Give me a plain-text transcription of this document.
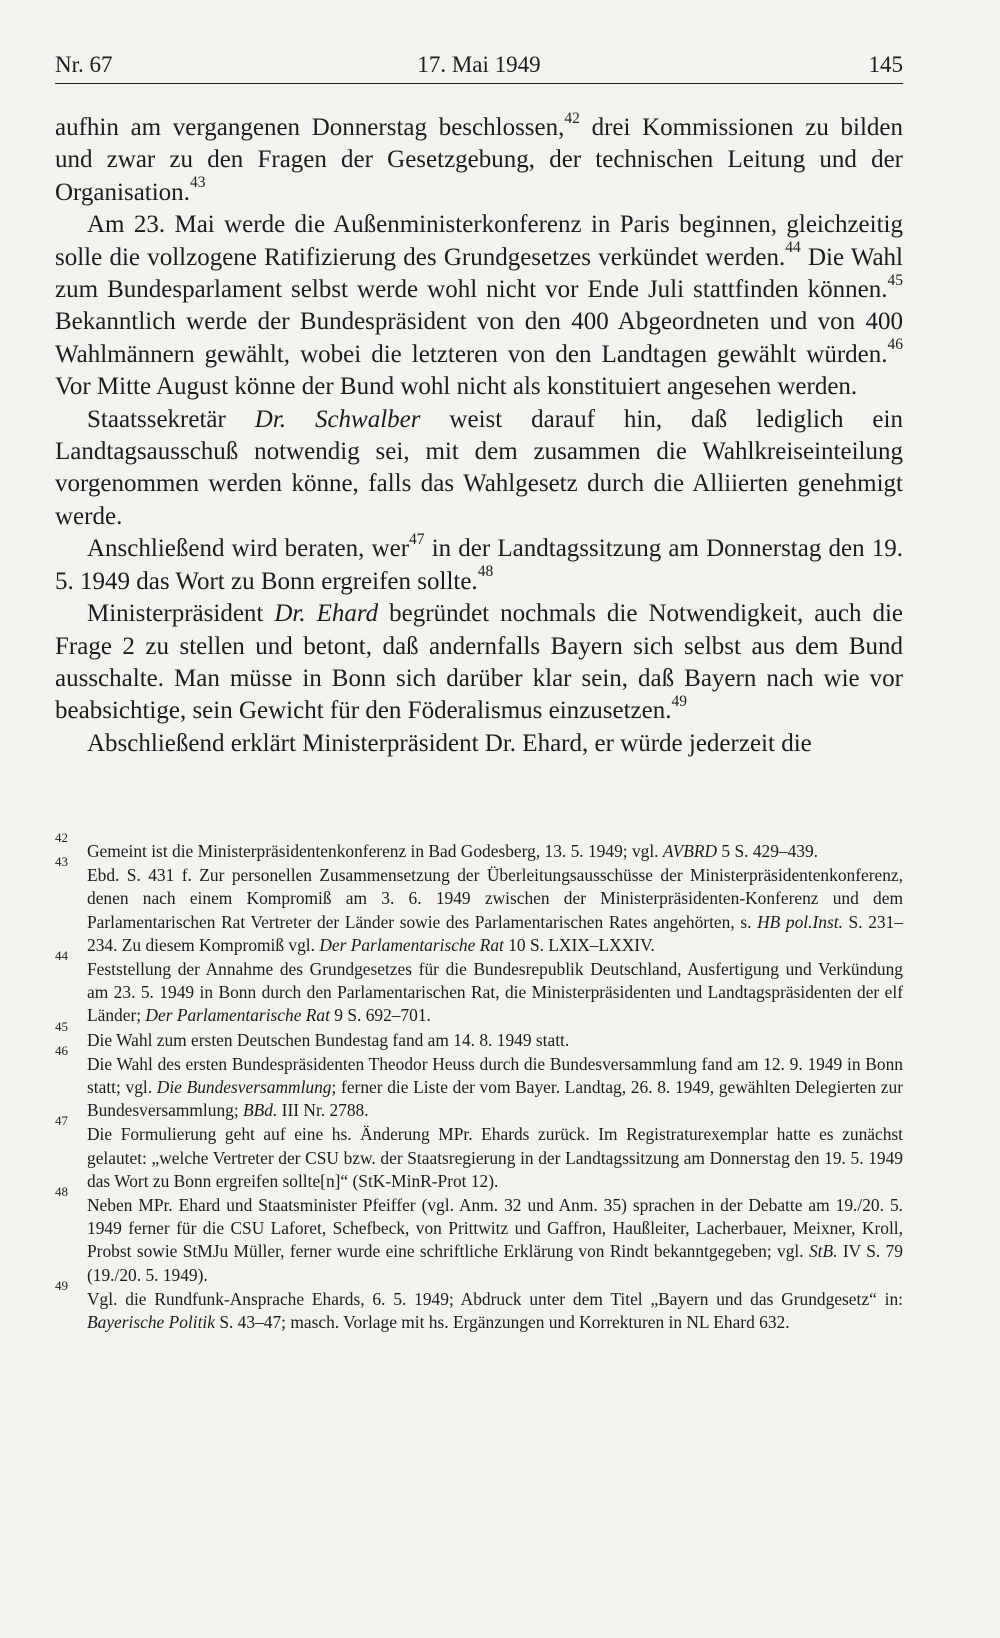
Nr. 67	17. Mai 1949	145

aufhin am vergangenen Donnerstag beschlossen,$^{42}$ drei Kommissionen zu bilden und zwar zu den Fragen der Gesetzgebung, der technischen Leitung und der Organisation.$^{43}$

Am 23. Mai werde die Außenministerkonferenz in Paris beginnen, gleichzeitig solle die vollzogene Ratifizierung des Grundgesetzes verkündet werden.$^{44}$ Die Wahl zum Bundesparlament selbst werde wohl nicht vor Ende Juli stattfinden können.$^{45}$ Bekanntlich werde der Bundespräsident von den 400 Abgeordneten und von 400 Wahlmännern gewählt, wobei die letzteren von den Landtagen gewählt würden.$^{46}$ Vor Mitte August könne der Bund wohl nicht als konstituiert angesehen werden.

Staatssekretär Dr. Schwalber weist darauf hin, daß lediglich ein Landtagsausschuß notwendig sei, mit dem zusammen die Wahlkreiseinteilung vorgenommen werden könne, falls das Wahlgesetz durch die Alliierten genehmigt werde.

Anschließend wird beraten, wer$^{47}$ in der Landtagssitzung am Donnerstag den 19. 5. 1949 das Wort zu Bonn ergreifen sollte.$^{48}$

Ministerpräsident Dr. Ehard begründet nochmals die Notwendigkeit, auch die Frage 2 zu stellen und betont, daß andernfalls Bayern sich selbst aus dem Bund ausschalte. Man müsse in Bonn sich darüber klar sein, daß Bayern nach wie vor beabsichtige, sein Gewicht für den Föderalismus einzusetzen.$^{49}$

Abschließend erklärt Ministerpräsident Dr. Ehard, er würde jederzeit die

42
Gemeint ist die Ministerpräsidentenkonferenz in Bad Godesberg, 13. 5. 1949; vgl. AVBRD 5 S. 429–439.
43
Ebd. S. 431 f. Zur personellen Zusammensetzung der Überleitungsausschüsse der Ministerpräsidentenkonferenz, denen nach einem Kompromiß am 3. 6. 1949 zwischen der Ministerpräsidenten-Konferenz und dem Parlamentarischen Rat Vertreter der Länder sowie des Parlamentarischen Rates angehörten, s. HB pol.Inst. S. 231–234. Zu diesem Kompromiß vgl. Der Parlamentarische Rat 10 S. LXIX–LXXIV.
44
Feststellung der Annahme des Grundgesetzes für die Bundesrepublik Deutschland, Ausfertigung und Verkündung am 23. 5. 1949 in Bonn durch den Parlamentarischen Rat, die Ministerpräsidenten und Landtagspräsidenten der elf Länder; Der Parlamentarische Rat 9 S. 692–701.
45
Die Wahl zum ersten Deutschen Bundestag fand am 14. 8. 1949 statt.
46
Die Wahl des ersten Bundespräsidenten Theodor Heuss durch die Bundesversammlung fand am 12. 9. 1949 in Bonn statt; vgl. Die Bundesversammlung; ferner die Liste der vom Bayer. Landtag, 26. 8. 1949, gewählten Delegierten zur Bundesversammlung; BBd. III Nr. 2788.
47
Die Formulierung geht auf eine hs. Änderung MPr. Ehards zurück. Im Registraturexemplar hatte es zunächst gelautet: „welche Vertreter der CSU bzw. der Staatsregierung in der Landtagssitzung am Donnerstag den 19. 5. 1949 das Wort zu Bonn ergreifen sollte[n]“ (StK-MinR-Prot 12).
48
Neben MPr. Ehard und Staatsminister Pfeiffer (vgl. Anm. 32 und Anm. 35) sprachen in der Debatte am 19./20. 5. 1949 ferner für die CSU Laforet, Schefbeck, von Prittwitz und Gaffron, Haußleiter, Lacherbauer, Meixner, Kroll, Probst sowie StMJu Müller, ferner wurde eine schriftliche Erklärung von Rindt bekanntgegeben; vgl. StB. IV S. 79 (19./20. 5. 1949).
49
Vgl. die Rundfunk-Ansprache Ehards, 6. 5. 1949; Abdruck unter dem Titel „Bayern und das Grundgesetz“ in: Bayerische Politik S. 43–47; masch. Vorlage mit hs. Ergänzungen und Korrekturen in NL Ehard 632.
